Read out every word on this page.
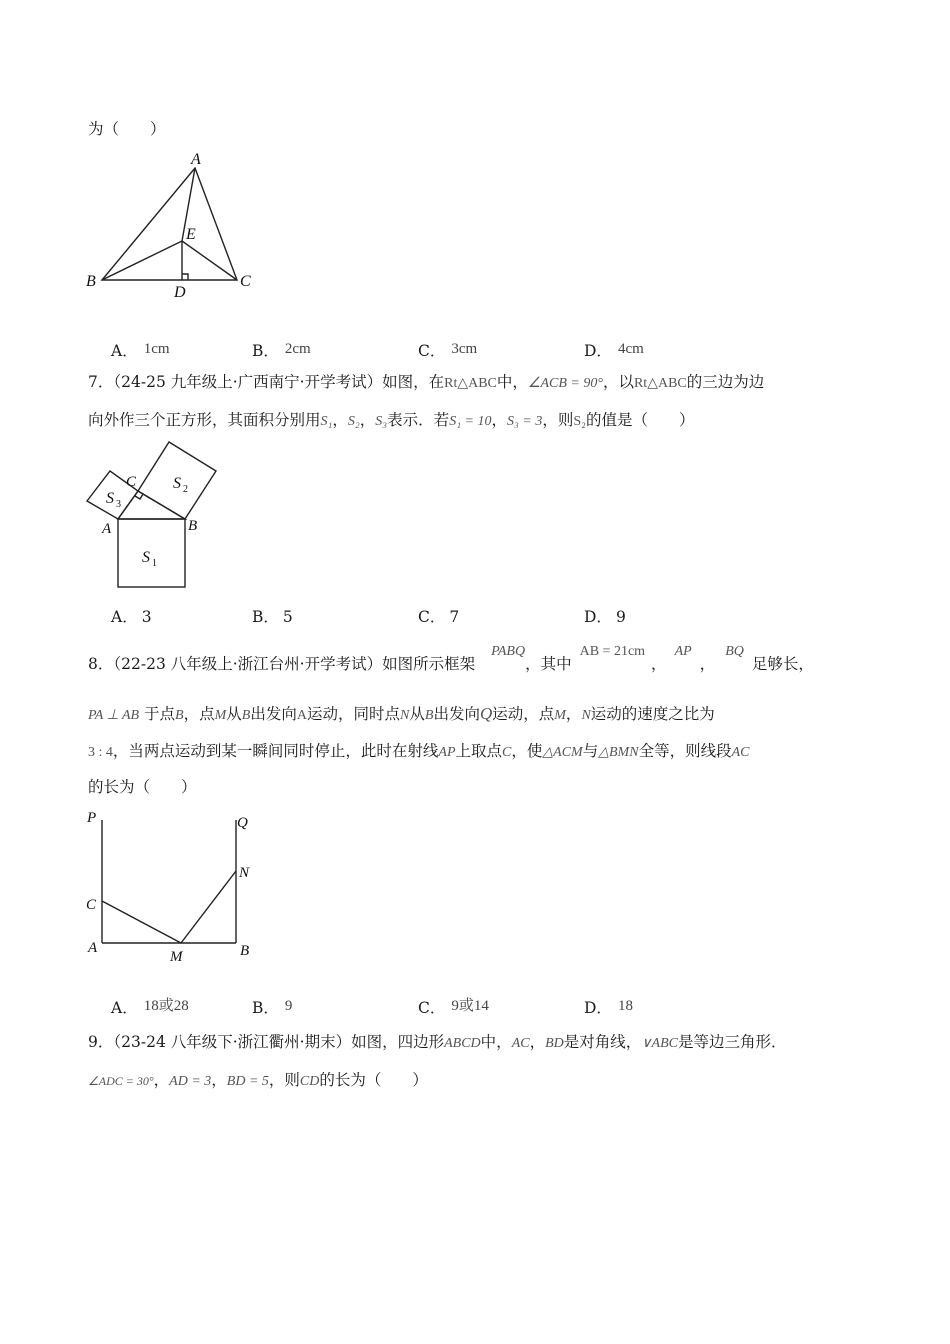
为（　　）
A
E
B	C
D
A． 1cm	B． 2cm	C． 3cm	D． 4cm
7．（24-25 九年级上·广西南宁·开学考试）如图，在Rt△ABC中，∠ACB = 90°，以Rt△ABC的三边为边
向外作三个正方形，其面积分别用S₁，S₂，S₃表示．若S₁ = 10，S₃ = 3，则S₂的值是（　　）
C
A	B
S 1
S 2
S 3
A． 3	B． 5	C． 7	D． 9
8．（22-23 八年级上·浙江台州·开学考试）如图所示框架PABQ，其中AB = 21cm，AP，BQ足够长，
PA ⊥ AB 于点B，点M从B出发向A运动，同时点N从B出发向Q运动，点M，N运动的速度之比为
3 : 4，当两点运动到某一瞬间同时停止，此时在射线AP上取点C，使△ACM与△BMN全等，则线段AC
的长为（　　）
P	Q
C
N
A
M	B
A． 18或28	B． 9	C． 9或14	D． 18
9．（23-24 八年级下·浙江衢州·期末）如图，四边形ABCD中，AC，BD是对角线，∨ABC是等边三角形．
∠ADC = 30°，AD = 3，BD = 5，则CD的长为（　　）
